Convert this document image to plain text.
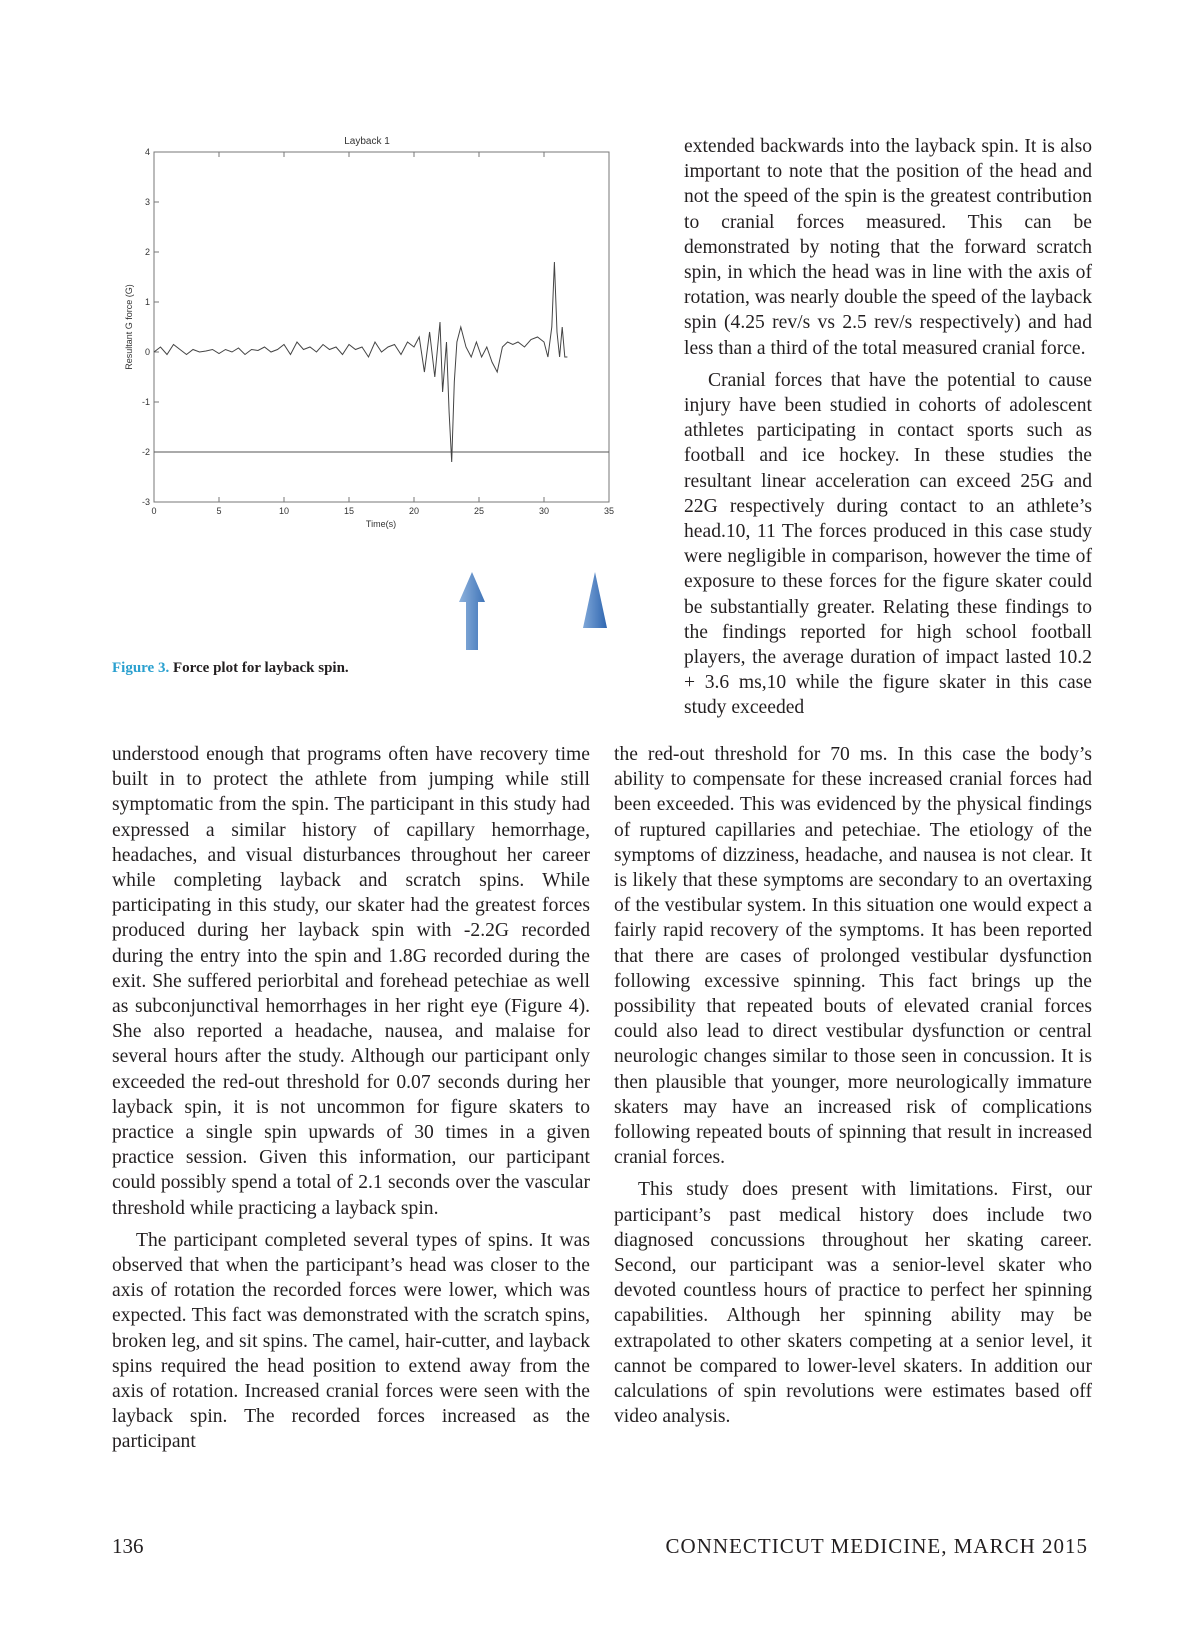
Layback 1
4
3
2
1
0
-1
-2
-3
0	5	10	15	20	25	30	35
Time(s)
Resultant G force (G)
Figure 3. Force plot for layback spin.

extended backwards into the layback spin. It is also important to note that the position of the head and not the speed of the spin is the greatest contribution to cranial forces measured. This can be demonstrated by noting that the forward scratch spin, in which the head was in line with the axis of rotation, was nearly double the speed of the layback spin (4.25 rev/s vs 2.5 rev/s respectively) and had less than a third of the total measured cranial force.

Cranial forces that have the potential to cause injury have been studied in cohorts of adolescent athletes participating in contact sports such as football and ice hockey. In these studies the resultant linear acceleration can exceed 25G and 22G respectively during contact to an athlete’s head.10, 11 The forces produced in this case study were negligible in comparison, however the time of exposure to these forces for the figure skater could be substantially greater. Relating these findings to the findings reported for high school football players, the average duration of impact lasted 10.2 + 3.6 ms,10 while the figure skater in this case study exceeded

understood enough that programs often have recovery time built in to protect the athlete from jumping while still symptomatic from the spin. The participant in this study had expressed a similar history of capillary hemorrhage, headaches, and visual disturbances throughout her career while completing layback and scratch spins. While participating in this study, our skater had the greatest forces produced during her layback spin with -2.2G recorded during the entry into the spin and 1.8G recorded during the exit. She suffered periorbital and forehead petechiae as well as subconjunctival hemorrhages in her right eye (Figure 4). She also reported a headache, nausea, and malaise for several hours after the study. Although our participant only exceeded the red-out threshold for 0.07 seconds during her layback spin, it is not uncommon for figure skaters to practice a single spin upwards of 30 times in a given practice session. Given this information, our participant could possibly spend a total of 2.1 seconds over the vascular threshold while practicing a layback spin.

The participant completed several types of spins. It was observed that when the participant’s head was closer to the axis of rotation the recorded forces were lower, which was expected. This fact was demonstrated with the scratch spins, broken leg, and sit spins. The camel, hair-cutter, and layback spins required the head position to extend away from the axis of rotation. Increased cranial forces were seen with the layback spin. The recorded forces increased as the participant

the red-out threshold for 70 ms. In this case the body’s ability to compensate for these increased cranial forces had been exceeded. This was evidenced by the physical findings of ruptured capillaries and petechiae. The etiology of the symptoms of dizziness, headache, and nausea is not clear. It is likely that these symptoms are secondary to an overtaxing of the vestibular system. In this situation one would expect a fairly rapid recovery of the symptoms. It has been reported that there are cases of prolonged vestibular dysfunction following excessive spinning. This fact brings up the possibility that repeated bouts of elevated cranial forces could also lead to direct vestibular dysfunction or central neurologic changes similar to those seen in concussion. It is then plausible that younger, more neurologically immature skaters may have an increased risk of complications following repeated bouts of spinning that result in increased cranial forces.

This study does present with limitations. First, our participant’s past medical history does include two diagnosed concussions throughout her skating career. Second, our participant was a senior-level skater who devoted countless hours of practice to perfect her spinning capabilities. Although her spinning ability may be extrapolated to other skaters competing at a senior level, it cannot be compared to lower-level skaters. In addition our calculations of spin revolutions were estimates based off video analysis.

136	CONNECTICUT MEDICINE, MARCH 2015
